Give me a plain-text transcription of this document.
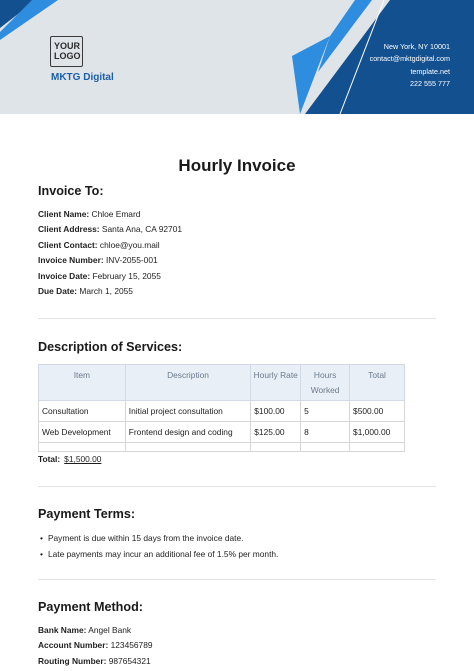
YOUR LOGO
MKTG Digital
New York, NY 10001
contact@mktgdigital.com
template.net
222 555 777
Hourly Invoice
Invoice To:
Client Name: Chloe Emard
Client Address: Santa Ana, CA 92701
Client Contact: chloe@you.mail
Invoice Number: INV-2055-001
Invoice Date: February 15, 2055
Due Date: March 1, 2055
Description of Services:
Item	Description	Hourly Rate	Hours Worked	Total
Consultation	Initial project consultation	$100.00	5	$500.00
Web Development	Frontend design and coding	$125.00	8	$1,000.00

Total: $1,500.00
Payment Terms:
• Payment is due within 15 days from the invoice date.
• Late payments may incur an additional fee of 1.5% per month.
Payment Method:
Bank Name: Angel Bank
Account Number: 123456789
Routing Number: 987654321
